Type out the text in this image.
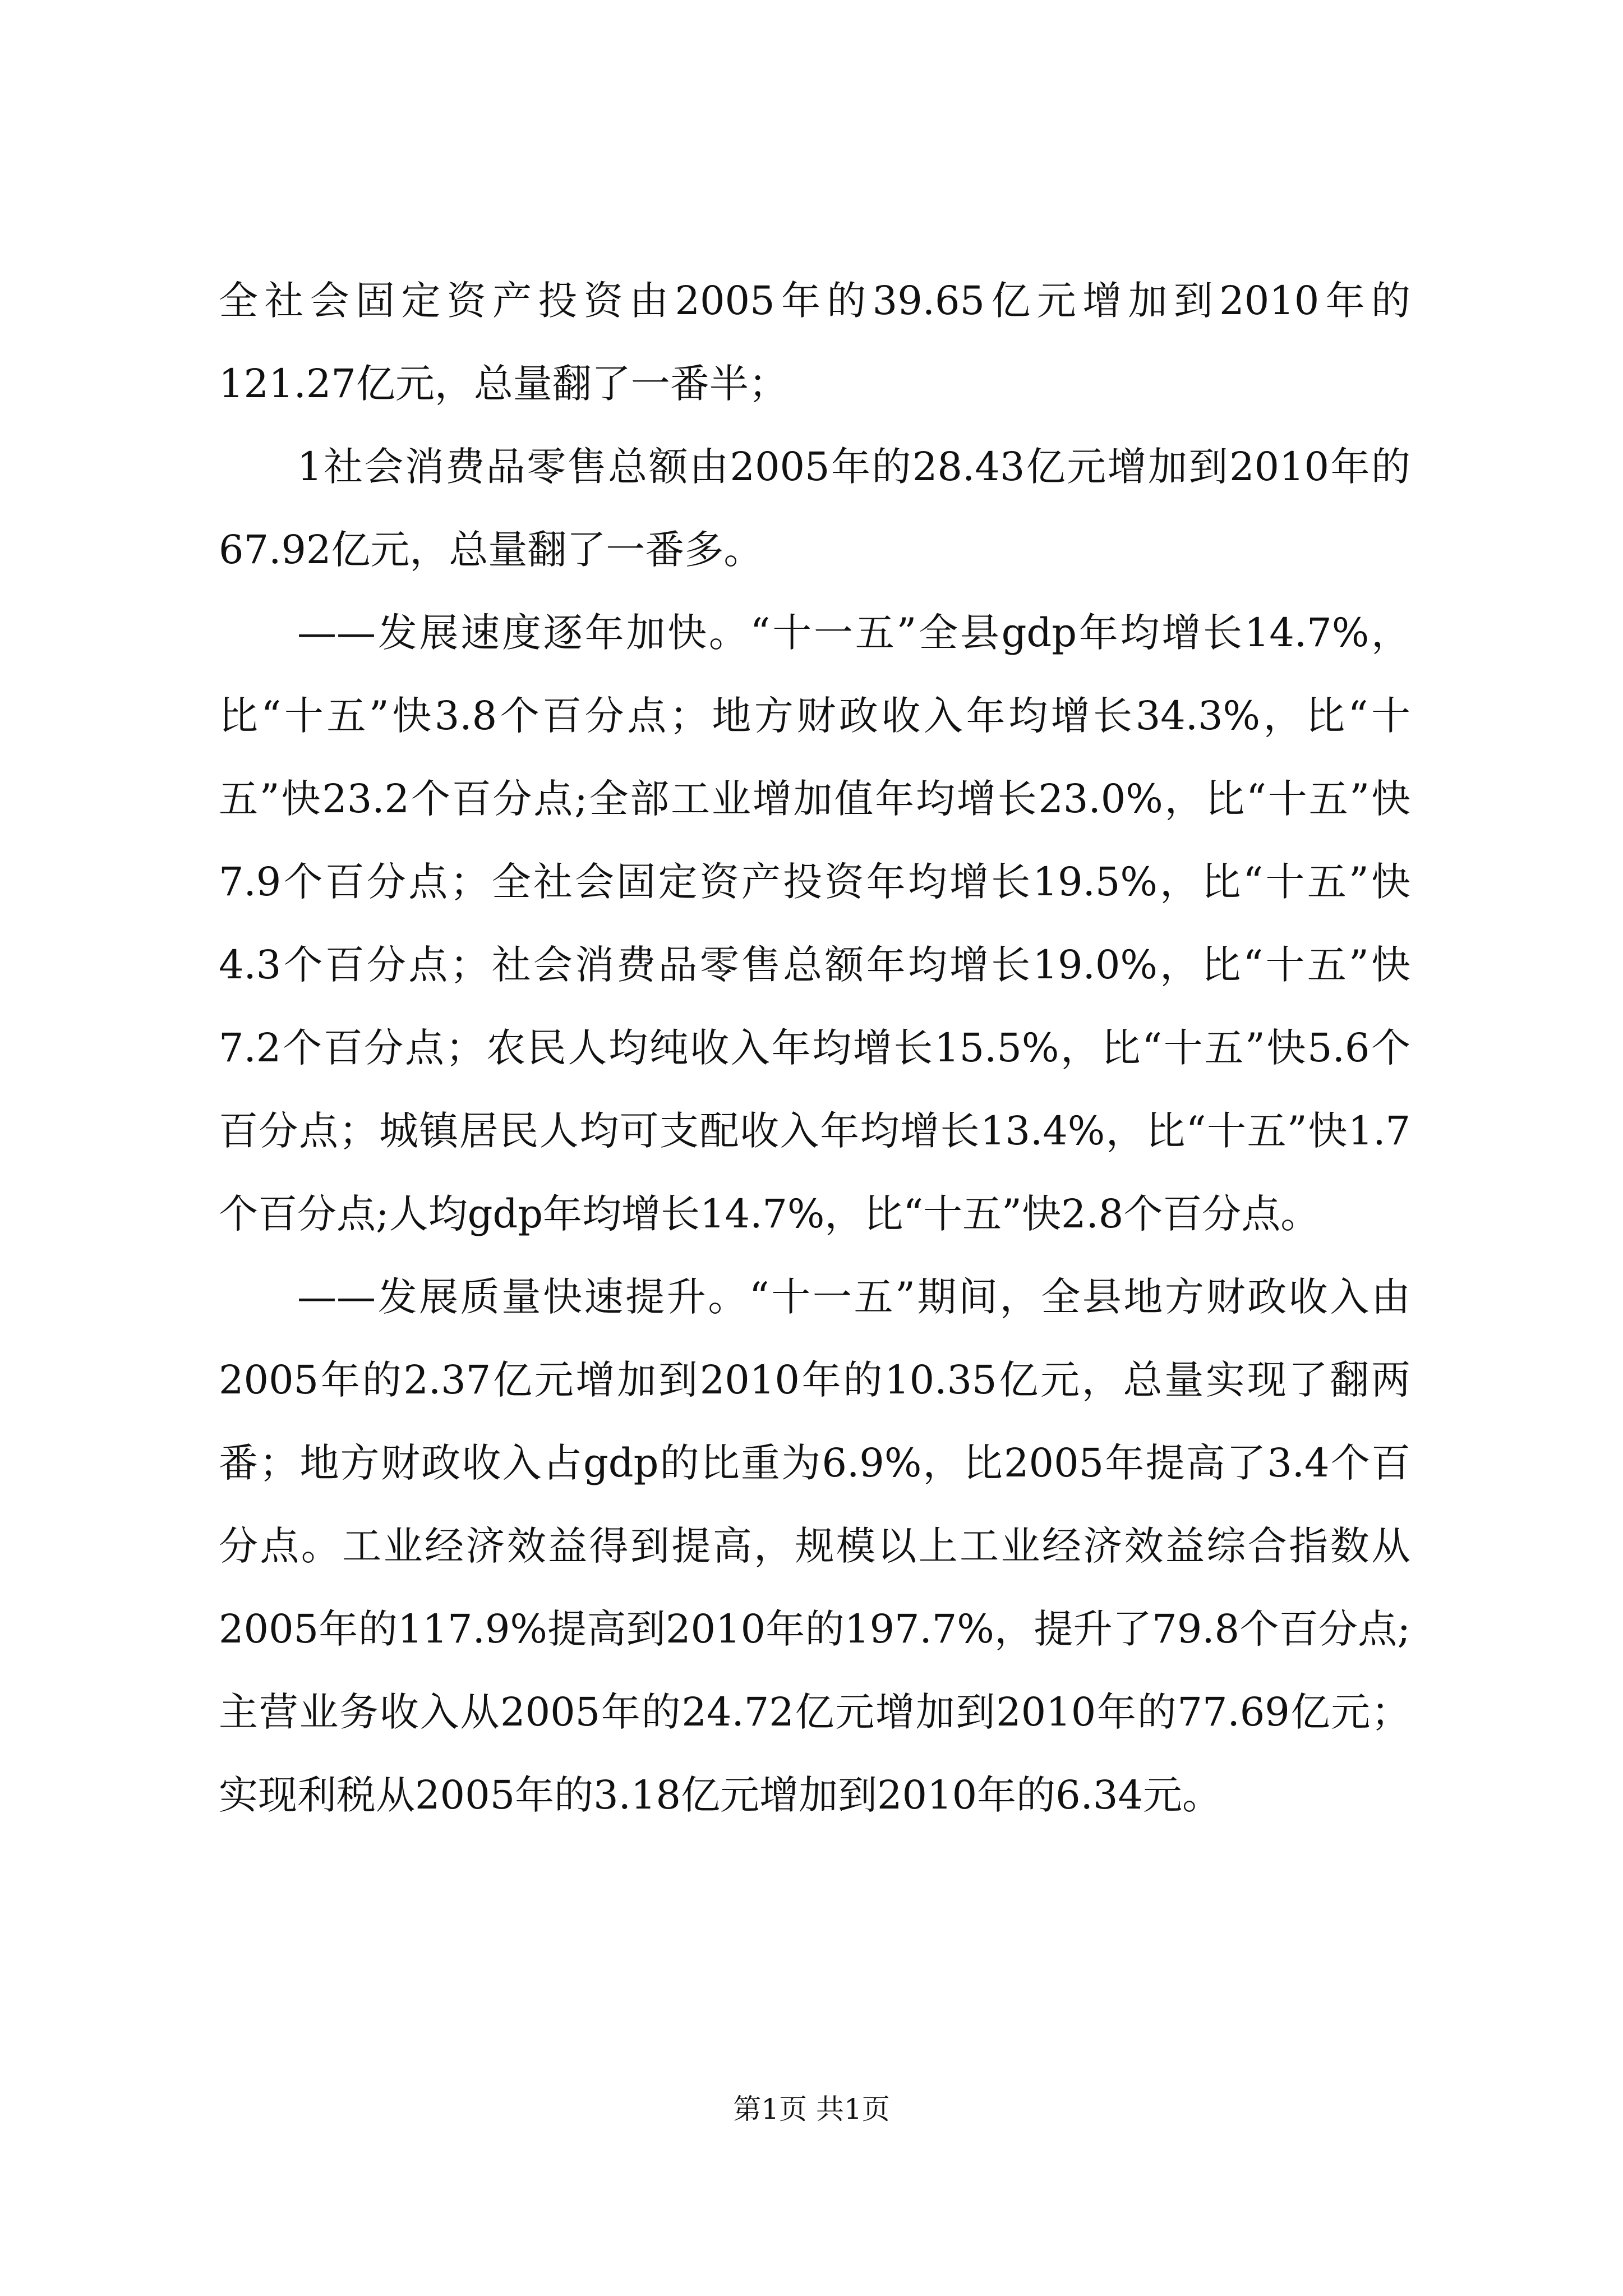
全社会固定资产投资由2005年的39.65亿元增加到2010年的121.27亿元，总量翻了一番半；

1社会消费品零售总额由2005年的28.43亿元增加到2010年的67.92亿元，总量翻了一番多。

——发展速度逐年加快。“十一五”全县gdp年均增长14.7%，比“十五”快3.8个百分点；地方财政收入年均增长34.3%，比“十五”快23.2个百分点;全部工业增加值年均增长23.0%，比“十五”快7.9个百分点；全社会固定资产投资年均增长19.5%，比“十五”快4.3个百分点；社会消费品零售总额年均增长19.0%，比“十五”快7.2个百分点；农民人均纯收入年均增长15.5%，比“十五”快5.6个百分点；城镇居民人均可支配收入年均增长13.4%，比“十五”快1.7个百分点;人均gdp年均增长14.7%，比“十五”快2.8个百分点。

——发展质量快速提升。“十一五”期间，全县地方财政收入由2005年的2.37亿元增加到2010年的10.35亿元，总量实现了翻两番；地方财政收入占gdp的比重为6.9%，比2005年提高了3.4个百分点。工业经济效益得到提高，规模以上工业经济效益综合指数从2005年的117.9%提高到2010年的197.7%，提升了79.8个百分点;主营业务收入从2005年的24.72亿元增加到2010年的77.69亿元；实现利税从2005年的3.18亿元增加到2010年的6.34元。

第1页 共1页
